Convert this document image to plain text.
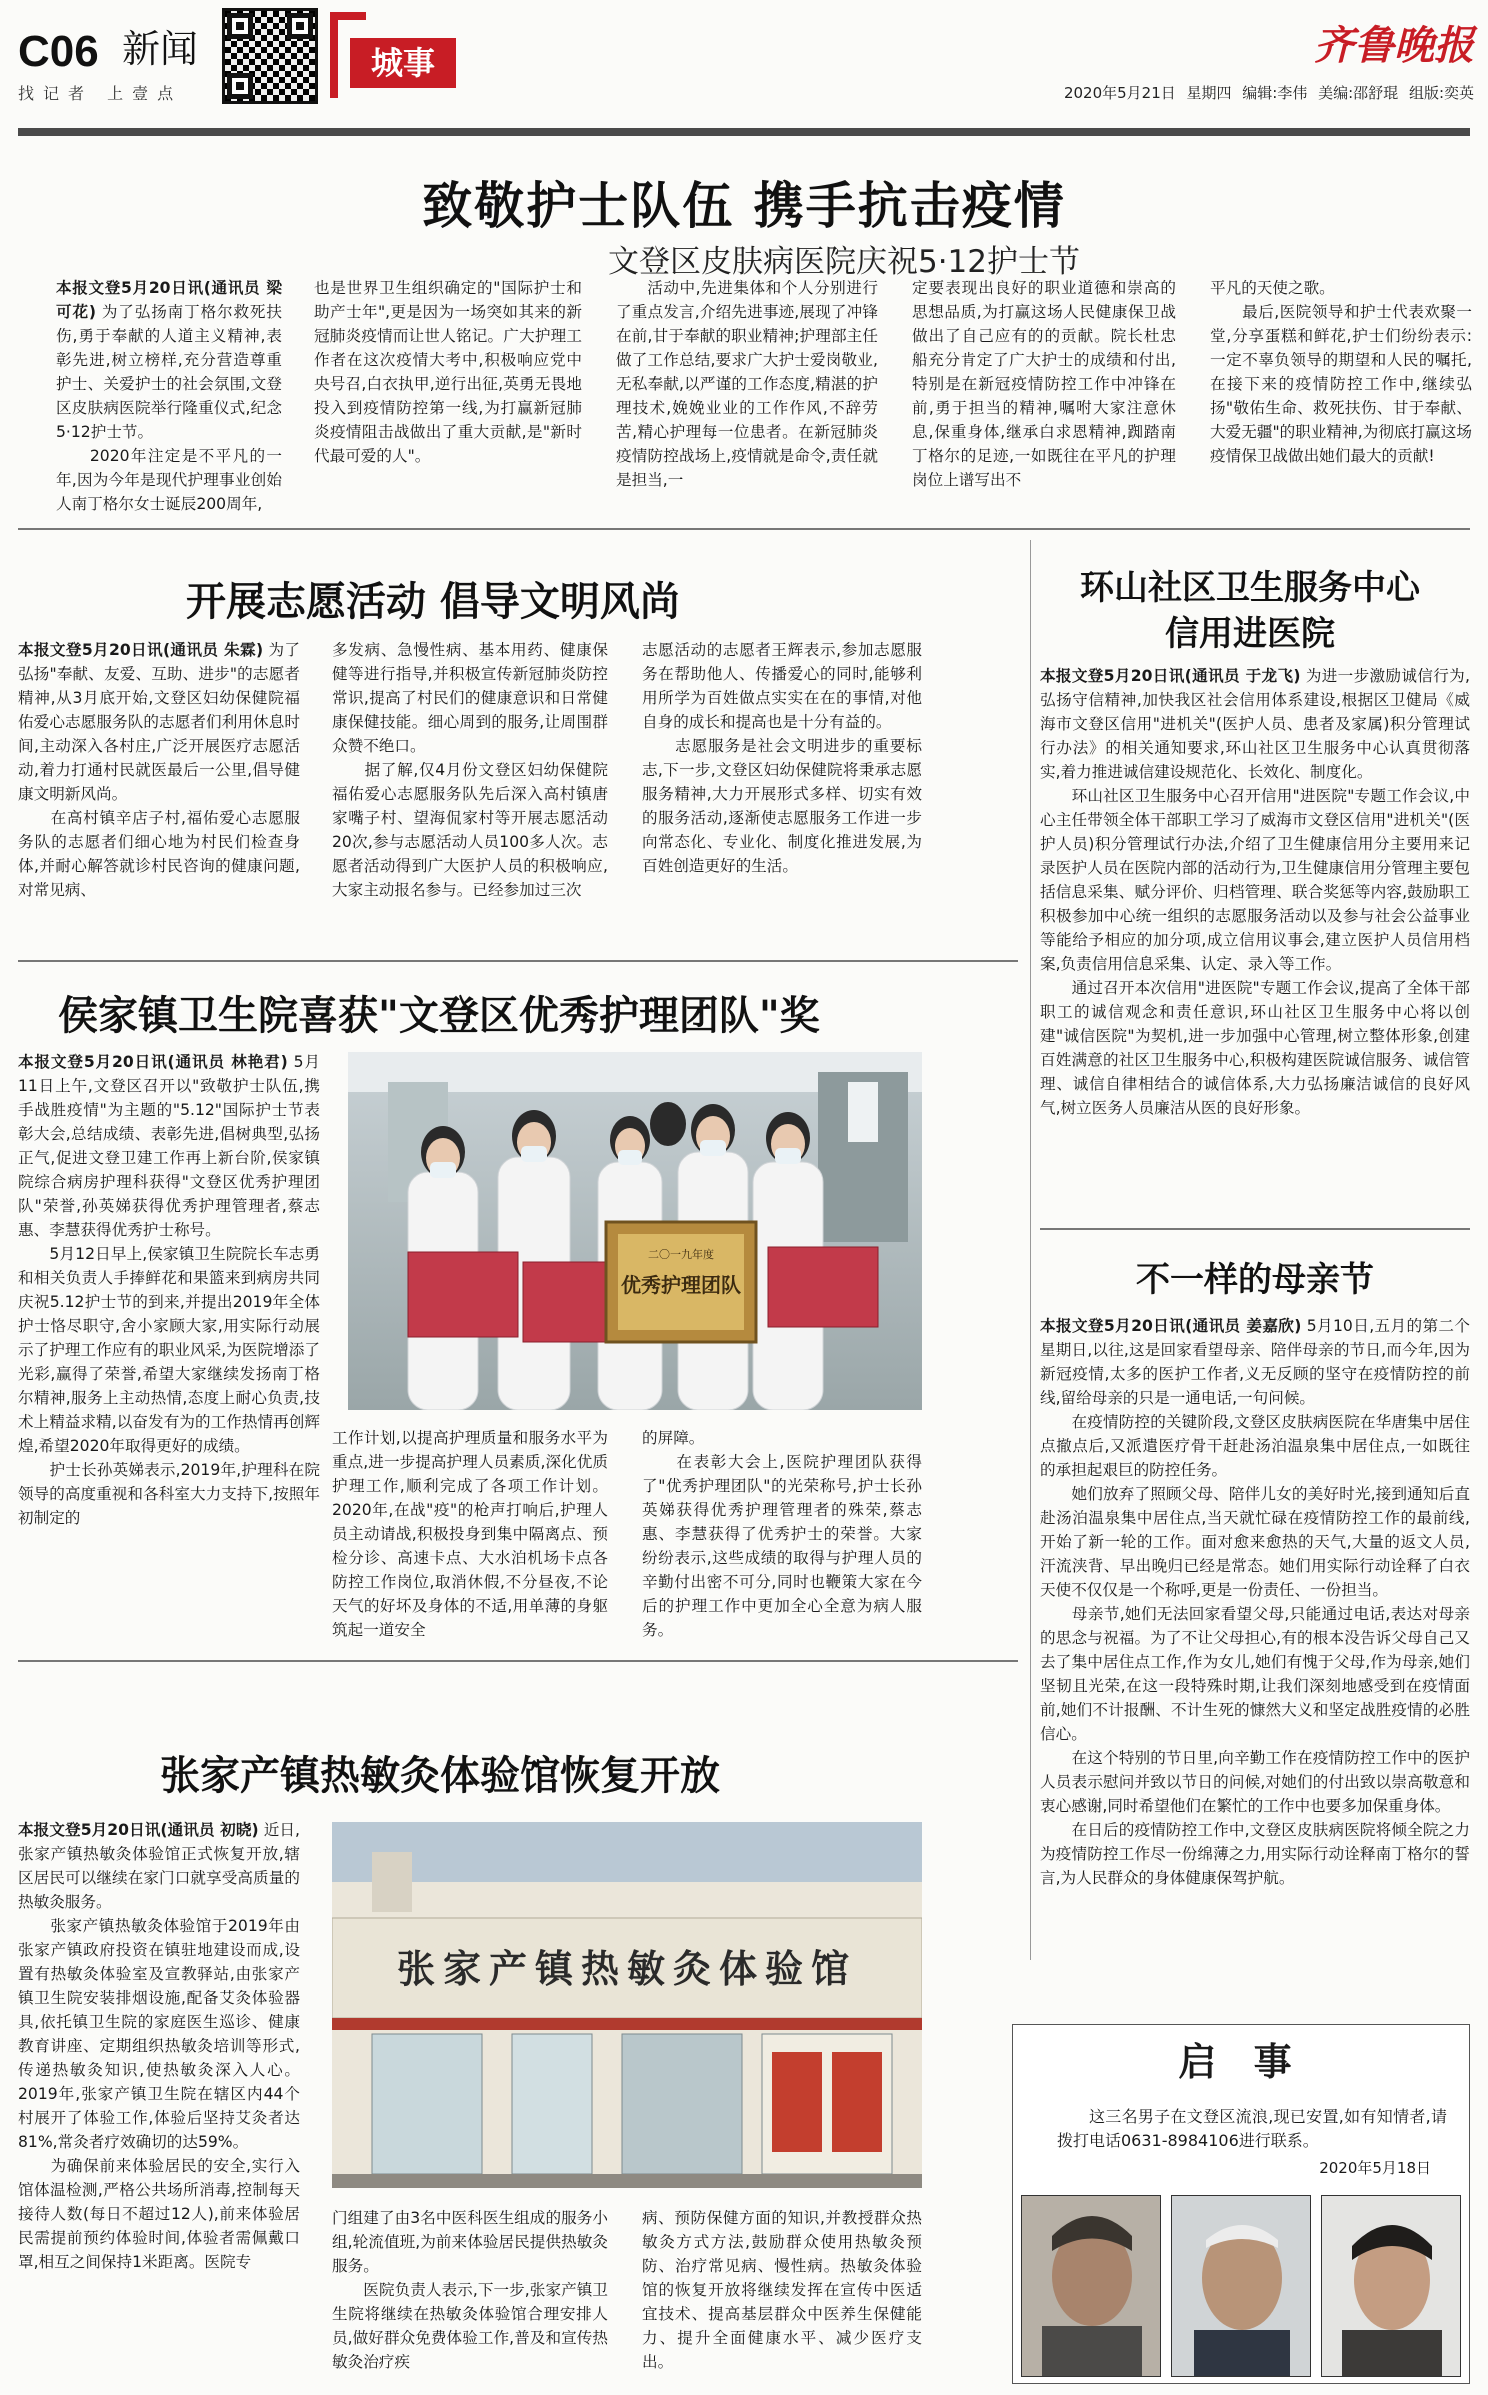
C06 新闻
找记者 上壹点
城事	齐鲁晚报
2020年5月21日 星期四 编辑:李伟 美编:邵舒琨 组版:奕英
致敬护士队伍 携手抗击疫情
文登区皮肤病医院庆祝5·12护士节

本报文登5月20日讯(通讯员 梁可花) 为了弘扬南丁格尔救死扶伤,勇于奉献的人道主义精神,表彰先进,树立榜样,充分营造尊重护士、关爱护士的社会氛围,文登区皮肤病医院举行隆重仪式,纪念5·12护士节。
　　2020年注定是不平凡的一年,因为今年是现代护理事业创始人南丁格尔女士诞辰200周年,

也是世界卫生组织确定的"国际护士和助产士年",更是因为一场突如其来的新冠肺炎疫情而让世人铭记。广大护理工作者在这次疫情大考中,积极响应党中央号召,白衣执甲,逆行出征,英勇无畏地投入到疫情防控第一线,为打赢新冠肺炎疫情阻击战做出了重大贡献,是"新时代最可爱的人"。

活动中,先进集体和个人分别进行了重点发言,介绍先进事迹,展现了冲锋在前,甘于奉献的职业精神;护理部主任做了工作总结,要求广大护士爱岗敬业,无私奉献,以严谨的工作态度,精湛的护理技术,娩娩业业的工作作风,不辞劳苦,精心护理每一位患者。在新冠肺炎疫情防控战场上,疫情就是命令,责任就是担当,一

定要表现出良好的职业道德和崇高的思想品质,为打赢这场人民健康保卫战做出了自己应有的的贡献。院长杜忠船充分肯定了广大护士的成绩和付出,特别是在新冠疫情防控工作中冲锋在前,勇于担当的精神,嘱咐大家注意休息,保重身体,继承白求恩精神,踟踏南丁格尔的足迹,一如既往在平凡的护理岗位上谱写出不

平凡的天使之歌。
　　最后,医院领导和护士代表欢聚一堂,分享蛋糕和鲜花,护士们纷纷表示:一定不辜负领导的期望和人民的嘱托,在接下来的疫情防控工作中,继续弘扬"敬佑生命、救死扶伤、甘于奉献、大爱无疆"的职业精神,为彻底打赢这场疫情保卫战做出她们最大的贡献!

开展志愿活动 倡导文明风尚

本报文登5月20日讯(通讯员 朱霖) 为了弘扬"奉献、友爱、互助、进步"的志愿者精神,从3月底开始,文登区妇幼保健院福佑爱心志愿服务队的志愿者们利用休息时间,主动深入各村庄,广泛开展医疗志愿活动,着力打通村民就医最后一公里,倡导健康文明新风尚。
　　在高村镇辛店子村,福佑爱心志愿服务队的志愿者们细心地为村民们检查身体,并耐心解答就诊村民咨询的健康问题,对常见病、

多发病、急慢性病、基本用药、健康保健等进行指导,并积极宣传新冠肺炎防控常识,提高了村民们的健康意识和日常健康保健技能。细心周到的服务,让周围群众赞不绝口。
　　据了解,仅4月份文登区妇幼保健院福佑爱心志愿服务队先后深入高村镇唐家嘴子村、望海侃家村等开展志愿活动20次,参与志愿活动人员100多人次。志愿者活动得到广大医护人员的积极响应,大家主动报名参与。已经参加过三次

志愿活动的志愿者王辉表示,参加志愿服务在帮助他人、传播爱心的同时,能够利用所学为百姓做点实实在在的事情,对他自身的成长和提高也是十分有益的。
　　志愿服务是社会文明进步的重要标志,下一步,文登区妇幼保健院将秉承志愿服务精神,大力开展形式多样、切实有效的服务活动,逐渐使志愿服务工作进一步向常态化、专业化、制度化推进发展,为百姓创造更好的生活。

环山社区卫生服务中心
信用进医院

本报文登5月20日讯(通讯员 于龙飞) 为进一步激励诚信行为,弘扬守信精神,加快我区社会信用体系建设,根据区卫健局《威海市文登区信用"进机关"(医护人员、患者及家属)积分管理试行办法》的相关通知要求,环山社区卫生服务中心认真贯彻落实,着力推进诚信建设规范化、长效化、制度化。
　　环山社区卫生服务中心召开信用"进医院"专题工作会议,中心主任带领全体干部职工学习了威海市文登区信用"进机关"(医护人员)积分管理试行办法,介绍了卫生健康信用分主要用来记录医护人员在医院内部的活动行为,卫生健康信用分管理主要包括信息采集、赋分评价、归档管理、联合奖惩等内容,鼓励职工积极参加中心统一组织的志愿服务活动以及参与社会公益事业等能给予相应的加分项,成立信用议事会,建立医护人员信用档案,负责信用信息采集、认定、录入等工作。
　　通过召开本次信用"进医院"专题工作会议,提高了全体干部职工的诚信观念和责任意识,环山社区卫生服务中心将以创建"诚信医院"为契机,进一步加强中心管理,树立整体形象,创建百姓满意的社区卫生服务中心,积极构建医院诚信服务、诚信管理、诚信自律相结合的诚信体系,大力弘扬廉洁诚信的良好风气,树立医务人员廉洁从医的良好形象。

侯家镇卫生院喜获"文登区优秀护理团队"奖

本报文登5月20日讯(通讯员 林艳君) 5月11日上午,文登区召开以"致敬护士队伍,携手战胜疫情"为主题的"5.12"国际护士节表彰大会,总结成绩、表彰先进,倡树典型,弘扬正气,促进文登卫建工作再上新台阶,侯家镇院综合病房护理科获得"文登区优秀护理团队"荣誉,孙英娣获得优秀护理管理者,蔡志惠、李慧获得优秀护士称号。
　　5月12日早上,侯家镇卫生院院长车志勇和相关负责人手捧鲜花和果篮来到病房共同庆祝5.12护士节的到来,并提出2019年全体护士恪尽职守,舍小家顾大家,用实际行动展示了护理工作应有的职业风采,为医院增添了光彩,赢得了荣誉,希望大家继续发扬南丁格尔精神,服务上主动热情,态度上耐心负责,技术上精益求精,以奋发有为的工作热情再创辉煌,希望2020年取得更好的成绩。
　　护士长孙英娣表示,2019年,护理科在院领导的高度重视和各科室大力支持下,按照年初制定的

二〇一九年度
优秀护理团队

工作计划,以提高护理质量和服务水平为重点,进一步提高护理人员素质,深化优质护理工作,顺利完成了各项工作计划。2020年,在战"疫"的枪声打响后,护理人员主动请战,积极投身到集中隔离点、预检分诊、高速卡点、大水泊机场卡点各防控工作岗位,取消休假,不分昼夜,不论天气的好坏及身体的不适,用单薄的身躯筑起一道安全

的屏障。
　　在表彰大会上,医院护理团队获得了"优秀护理团队"的光荣称号,护士长孙英娣获得优秀护理管理者的殊荣,蔡志惠、李慧获得了优秀护士的荣誉。大家纷纷表示,这些成绩的取得与护理人员的辛勤付出密不可分,同时也鞭策大家在今后的护理工作中更加全心全意为病人服务。

不一样的母亲节

本报文登5月20日讯(通讯员 姜嘉欣) 5月10日,五月的第二个星期日,以往,这是回家看望母亲、陪伴母亲的节日,而今年,因为新冠疫情,太多的医护工作者,义无反顾的坚守在疫情防控的前线,留给母亲的只是一通电话,一句问候。
　　在疫情防控的关键阶段,文登区皮肤病医院在华唐集中居住点撤点后,又派遣医疗骨干赶赴汤泊温泉集中居住点,一如既往的承担起艰巨的防控任务。
　　她们放弃了照顾父母、陪伴儿女的美好时光,接到通知后直赴汤泊温泉集中居住点,当天就忙碌在疫情防控工作的最前线,开始了新一轮的工作。面对愈来愈热的天气,大量的返文人员,汗流浃背、早出晚归已经是常态。她们用实际行动诠释了白衣天使不仅仅是一个称呼,更是一份责任、一份担当。
　　母亲节,她们无法回家看望父母,只能通过电话,表达对母亲的思念与祝福。为了不让父母担心,有的根本没告诉父母自己又去了集中居住点工作,作为女儿,她们有愧于父母,作为母亲,她们坚韧且光荣,在这一段特殊时期,让我们深刻地感受到在疫情面前,她们不计报酬、不计生死的慷然大义和坚定战胜疫情的必胜信心。
　　在这个特别的节日里,向辛勤工作在疫情防控工作中的医护人员表示慰问并致以节日的问候,对她们的付出致以崇高敬意和衷心感谢,同时希望他们在繁忙的工作中也要多加保重身体。
　　在日后的疫情防控工作中,文登区皮肤病医院将倾全院之力为疫情防控工作尽一份绵薄之力,用实际行动诠释南丁格尔的誓言,为人民群众的身体健康保驾护航。

张家产镇热敏灸体验馆恢复开放

本报文登5月20日讯(通讯员 初晓) 近日,张家产镇热敏灸体验馆正式恢复开放,辖区居民可以继续在家门口就享受高质量的热敏灸服务。
　　张家产镇热敏灸体验馆于2019年由张家产镇政府投资在镇驻地建设而成,设置有热敏灸体验室及宣教驿站,由张家产镇卫生院安装排烟设施,配备艾灸体验器具,依托镇卫生院的家庭医生巡诊、健康教育讲座、定期组织热敏灸培训等形式,传递热敏灸知识,使热敏灸深入人心。2019年,张家产镇卫生院在辖区内44个村展开了体验工作,体验后坚持艾灸者达81%,常灸者疗效确切的达59%。
　　为确保前来体验居民的安全,实行入馆体温检测,严格公共场所消毒,控制每天接待人数(每日不超过12人),前来体验居民需提前预约体验时间,体验者需佩戴口罩,相互之间保持1米距离。医院专

张家产镇热敏灸体验馆

门组建了由3名中医科医生组成的服务小组,轮流值班,为前来体验居民提供热敏灸服务。
　　医院负责人表示,下一步,张家产镇卫生院将继续在热敏灸体验馆合理安排人员,做好群众免费体验工作,普及和宣传热敏灸治疗疾

病、预防保健方面的知识,并教授群众热敏灸方式方法,鼓励群众使用热敏灸预防、治疗常见病、慢性病。热敏灸体验馆的恢复开放将继续发挥在宣传中医适宜技术、提高基层群众中医养生保健能力、提升全面健康水平、减少医疗支出。

启 事
这三名男子在文登区流浪,现已安置,如有知情者,请拨打电话0631-8984106进行联系。
2020年5月18日
